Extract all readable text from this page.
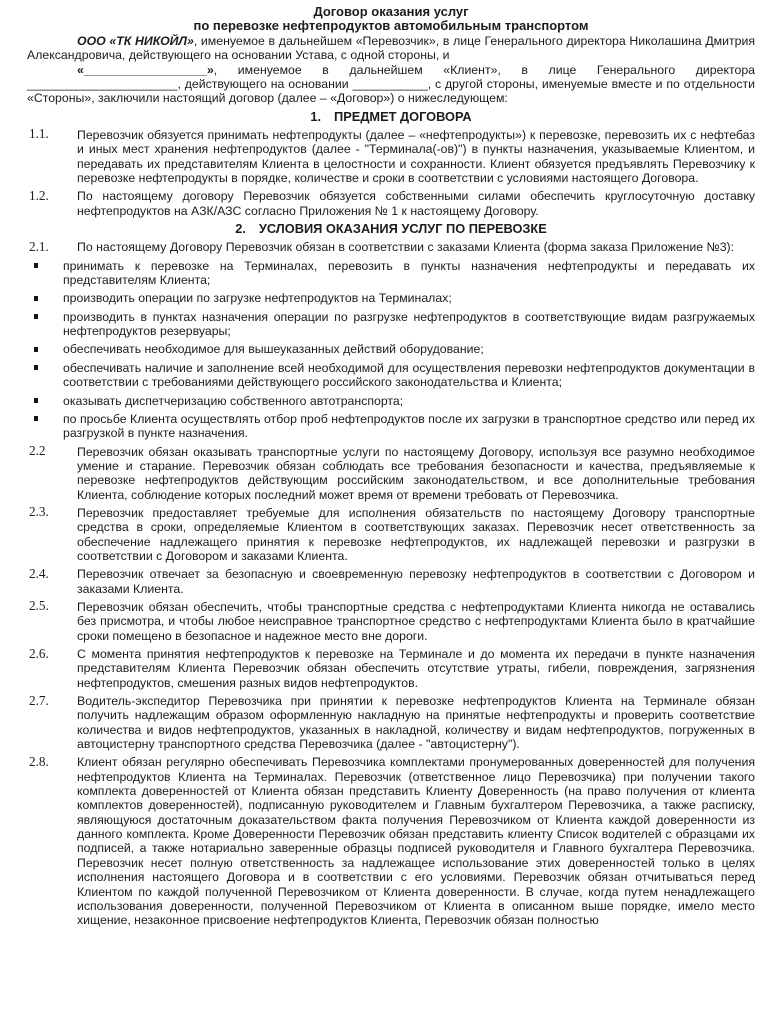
Договор оказания услуг
по перевозке нефтепродуктов автомобильным транспортом

ООО «ТК НИКОЙЛ», именуемое в дальнейшем «Перевозчик», в лице Генерального директора Николашина Дмитрия Александровича, действующего на основании Устава, с одной стороны, и

«__________________», именуемое в дальнейшем «Клиент», в лице Генерального директора ______________________, действующего на основании ___________, с другой стороны, именуемые вместе и по отдельности «Стороны», заключили настоящий договор (далее – «Договор») о нижеследующем:

1. ПРЕДМЕТ ДОГОВОРА
1.1. Перевозчик обязуется принимать нефтепродукты (далее – «нефтепродукты») к перевозке, перевозить их с нефтебаз и иных мест хранения нефтепродуктов (далее - "Терминала(-ов)") в пункты назначения, указываемые Клиентом, и передавать их представителям Клиента в целостности и сохранности. Клиент обязуется предъявлять Перевозчику к перевозке нефтепродукты в порядке, количестве и сроки в соответствии с условиями настоящего Договора.
1.2. По настоящему договору Перевозчик обязуется собственными силами обеспечить круглосуточную доставку нефтепродуктов на АЗК/АЗС согласно Приложения № 1 к настоящему Договору.
2. УСЛОВИЯ ОКАЗАНИЯ УСЛУГ ПО ПЕРЕВОЗКЕ
2.1. По настоящему Договору Перевозчик обязан в соответствии с заказами Клиента (форма заказа Приложение №3):
принимать к перевозке на Терминалах, перевозить в пункты назначения нефтепродукты и передавать их представителям Клиента;
производить операции по загрузке нефтепродуктов на Терминалах;
производить в пунктах назначения операции по разгрузке нефтепродуктов в соответствующие видам разгружаемых нефтепродуктов резервуары;
обеспечивать необходимое для вышеуказанных действий оборудование;
обеспечивать наличие и заполнение всей необходимой для осуществления перевозки нефтепродуктов документации в соответствии с требованиями действующего российского законодательства и Клиента;
оказывать диспетчеризацию собственного автотранспорта;
по просьбе Клиента осуществлять отбор проб нефтепродуктов после их загрузки в транспортное средство или перед их разгрузкой в пункте назначения.
2.2	Перевозчик обязан оказывать транспортные услуги по настоящему Договору, используя все разумно необходимое умение и старание. Перевозчик обязан соблюдать все требования безопасности и качества, предъявляемые к перевозке нефтепродуктов действующим российским законодательством, и все дополнительные требования Клиента, соблюдение которых последний может время от времени требовать от Перевозчика.
2.3. Перевозчик предоставляет требуемые для исполнения обязательств по настоящему Договору транспортные средства в сроки, определяемые Клиентом в соответствующих заказах. Перевозчик несет ответственность за обеспечение надлежащего принятия к перевозке нефтепродуктов, их надлежащей перевозки и разгрузки в соответствии с Договором и заказами Клиента.
2.4. Перевозчик отвечает за безопасную и своевременную перевозку нефтепродуктов в соответствии с Договором и заказами Клиента.
2.5. Перевозчик обязан обеспечить, чтобы транспортные средства с нефтепродуктами Клиента никогда не оставались без присмотра, и чтобы любое неисправное транспортное средство с нефтепродуктами Клиента было в кратчайшие сроки помещено в безопасное и надежное место вне дороги.
2.6. С момента принятия нефтепродуктов к перевозке на Терминале и до момента их передачи в пункте назначения представителям Клиента Перевозчик обязан обеспечить отсутствие утраты, гибели, повреждения, загрязнения нефтепродуктов, смешения разных видов нефтепродуктов.
2.7. Водитель-экспедитор Перевозчика при принятии к перевозке нефтепродуктов Клиента на Терминале обязан получить надлежащим образом оформленную накладную на принятые нефтепродукты и проверить соответствие количества и видов нефтепродуктов, указанных в накладной, количеству и видам нефтепродуктов, погруженных в автоцистерну транспортного средства Перевозчика (далее - "автоцистерну").
2.8. Клиент обязан регулярно обеспечивать Перевозчика комплектами пронумерованных доверенностей для получения нефтепродуктов Клиента на Терминалах. Перевозчик (ответственное лицо Перевозчика) при получении такого комплекта доверенностей от Клиента обязан представить Клиенту Доверенность (на право получения от клиента комплектов доверенностей), подписанную руководителем и Главным бухгалтером Перевозчика, а также расписку, являющуюся достаточным доказательством факта получения Перевозчиком от Клиента каждой доверенности из данного комплекта. Кроме Доверенности Перевозчик обязан представить клиенту Список водителей с образцами их подписей, а также нотариально заверенные образцы подписей руководителя и Главного бухгалтера Перевозчика. Перевозчик несет полную ответственность за надлежащее использование этих доверенностей только в целях исполнения настоящего Договора и в соответствии с его условиями. Перевозчик обязан отчитываться перед Клиентом по каждой полученной Перевозчиком от Клиента доверенности. В случае, когда путем ненадлежащего использования доверенности, полученной Перевозчиком от Клиента в описанном выше порядке, имело место хищение, незаконное присвоение нефтепродуктов Клиента, Перевозчик обязан полностью
